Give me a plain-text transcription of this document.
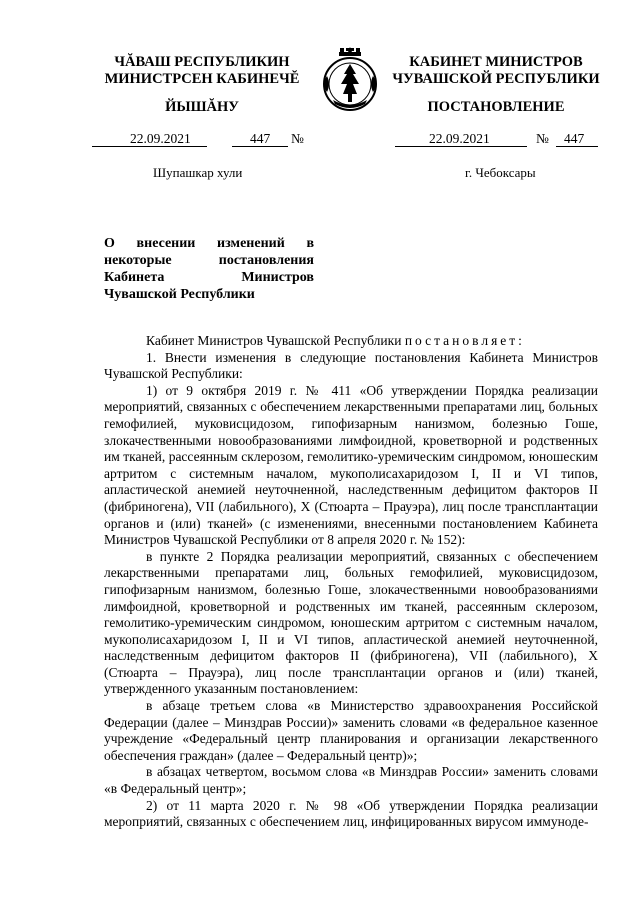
ЧĂВАШ РЕСПУБЛИКИН
МИНИСТРСЕН КАБИНЕЧĔ
ЙЫШĂНУ
КАБИНЕТ МИНИСТРОВ
ЧУВАШСКОЙ РЕСПУБЛИКИ
ПОСТАНОВЛЕНИЕ
22.09.2021	447 №	22.09.2021	№ 447
Шупашкар хули	г. Чебоксары
О внесении изменений в некоторые постановления Кабинета Министров Чувашской Республики

Кабинет Министров Чувашской Республики постановляет:

1. Внести изменения в следующие постановления Кабинета Министров Чувашской Республики:

1) от 9 октября 2019 г. № 411 «Об утверждении Порядка реализации мероприятий, связанных с обеспечением лекарственными препаратами лиц, больных гемофилией, муковисцидозом, гипофизарным нанизмом, болезнью Гоше, злокачественными новообразованиями лимфоидной, кроветворной и родственных им тканей, рассеянным склерозом, гемолитико-уремическим синдромом, юношеским артритом с системным началом, мукополисахаридозом I, II и VI типов, апластической анемией неуточненной, наследственным дефицитом факторов II (фибриногена), VII (лабильного), X (Стюарта – Прауэра), лиц после трансплантации органов и (или) тканей» (с изменениями, внесенными постановлением Кабинета Министров Чувашской Республики от 8 апреля 2020 г. № 152):

в пункте 2 Порядка реализации мероприятий, связанных с обеспечением лекарственными препаратами лиц, больных гемофилией, муковисцидозом, гипофизарным нанизмом, болезнью Гоше, злокачественными новообразованиями лимфоидной, кроветворной и родственных им тканей, рассеянным склерозом, гемолитико-уремическим синдромом, юношеским артритом с системным началом, мукополисахаридозом I, II и VI типов, апластической анемией неуточненной, наследственным дефицитом факторов II (фибриногена), VII (лабильного), X (Стюарта – Прауэра), лиц после трансплантации органов и (или) тканей, утвержденного указанным постановлением:

в абзаце третьем слова «в Министерство здравоохранения Российской Федерации (далее – Минздрав России)» заменить словами «в федеральное казенное учреждение «Федеральный центр планирования и организации лекарственного обеспечения граждан» (далее – Федеральный центр)»;

в абзацах четвертом, восьмом слова «в Минздрав России» заменить словами «в Федеральный центр»;

2) от 11 марта 2020 г. № 98 «Об утверждении Порядка реализации мероприятий, связанных с обеспечением лиц, инфицированных вирусом иммуноде-
